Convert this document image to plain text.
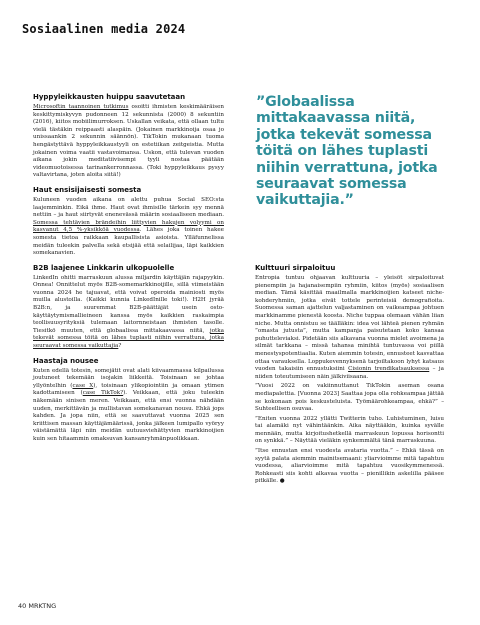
Sosiaalinen media 2024
Hyppyleikkausten huippu saavutetaan

Microsoftin taannoinen tutkimus osoitti ihmisten keskimääräisen keskittymiskyvyn pudonneen 12 sekunnista (2000) 8 sekuntiin (2016), kiitos mobiilimurroksen. Uskallan veikata, että ollaan tultu vielä tästäkin reippaasti alaspäin. (Jokainen markkinoija osaa jo unissaankin 2 sekunnin säännön). TikTokin mukanaan tuoma hengästyttävä hyppyleikkaustyyli on estetiikan zeitgeistia. Mutta jokainen voima vaatii vastavoimansa. Uskon, että tulevan vuoden aikana jokin meditatiivisempi tyyli nostaa päätään videomuotoisessa tarinankerronnassa. (Toki hyppyleikkaus pysyy valtavirtana, joten aloita siitä!)

Haut ensisijaisesti somesta

Kuluneen vuoden aikana on alettu puhua Social SEO:sta laajemminkin. Eikä ihme. Haut ovat ihmisille tärkein syy mennä nettiin – ja haut siirtyvät enenevässä määrin sosiaaliseen mediaan. Somessa tehtävien brändeihin liittyvien hakujen volyymi on kasvanut 4,5 %-yksikköä vuodessa. Lähes joka toinen hakee somesta tietoa raikkaan kaupallisista asioista. Ylläfunnelissa meidän tuleekin palvella sekä etsijää että selailijaa, läpi kaikkien somekanavien.

B2B laajenee Linkkarin ulkopuolelle

LinkedIn ohitti marraskuun alussa miljardin käyttäjän rajapyykin. Onnea! Onnittelut myös B2B-somemarkkinoijille, sillä viimeistään vuonna 2024 he tajuavat, että voivat operoida mainiosti myös muilla alustoilla. (Kaikki kunnia LinkedInille toki!). H2H jyrää B2B:n, ja suuremmat B2B-päättäjät usein osto-käyttäytymismallieineen kanssa myös kaikkien raskaimpia teollisuusyrityksiä tulemaan laitornneistaan ihmisten tasolle. Tiesitkö muuten, että globaalissa mittakaavassa niitä, jotka tekevät somessa töitä on lähes tuplasti niihin verrattuna, jotka seuraavat somessa vaikuttajia?

Haastaja nousee

Kuten edellä totesin, somejätit ovat alati kiivaammassa kilpailussa joutuneet tekemään isojakin liikkeitä. Toisinaan se johtaa yllyöntelhin (case X), toisinaan ylikopiointiin ja omaan ytimen kadottamiseen (case TikTok?). Veikkaan, että joku tuleekin näkemään sinisen meren. Veikkaan, että ensi vuonna nähdään uuden, merkittävän ja mullistavan somekanavan nousu. Ehkä jops kahden. Ja jopa niin, että se saavuttavat vuonna 2025 sen kriittisen massan käyttäjämäärissä, jonka jälkeen lumipallo vyöryy väistämättä läpi niin meidän uutuusviehättyvien markkinoijien kuin sen hitaammin omaksuvan kansanryhmänpuolikkaan.

”Globaalissa mittakaavassa niitä, jotka tekevät somessa töitä on lähes tuplasti niihin verrattuna, jotka seuraavat somessa vaikuttajia.”
Kulttuuri sirpaloituu

Entropia tuntuu ohjaavan kulttuuria – yleisöt sirpaloituvat pienempiin ja hajanaisempiin ryhmiin, kiitos (myös) sosiaalisen median. Tämä käsittää maailmalla markkinoijien katseet niche-kohderyhmiin, jotka eivät tottele perinteisiä demografioita. Suomessa saman ajattelun valjastaminen on vaikeampaa johtuen markkinamme pienestä koosta. Niche tuppaa olemaan vähän liian niche. Mutta onnistuu se täälläkin: idea voi lähteä pienen ryhmän ”omasta jutusta”, mutta kampanja paisutetaan koko kansaa puhutteleviaksi. Pidetään siis alkavana vuonna mielet avoimena ja silmät tarkkana – missä tahansa minihtä tuntuvassa voi piillä menestyspotentiaalia. Kuten aiemmin totesin, ennusteet kasvattaa ottaa varauksella. Loppukevennyksenä tarjoiltakoon lyhyt katsaus vuoden takaisiin ennustuksiini Cisionin trendikatsauksessa – ja niiden toteutumiseen näin jälkiviisaana.

”Vuosi 2022 on vakiinnuttanut TikTokin aseman osana mediapalettia. [Vuonna 2023] Saattaa jopa olla rohkeampaa jättää se kokonaan pois keskusteluista. Työmäärohkeampaa, ehkä?” – Suhteellisen osuvaa.

”Eniten vuonna 2022 yllätti Twitterin tuho. Luhistuminen, luisu tai alamäki nyt vähintäänkin. Aika näyttääkin, kuinka syvälle mennään, mutta kirjoitushetkellä marraskuun lopussa horisontti on synkkä.” – Näyttää vieläkin synkemmältä tänä marraskuuna.

”Itse ennustan ensi vuodesta avataria vuotta.” – Ehkä tässä on syytä palata aiemmin mainitsemaani: yliarvioimme mitä tapahtuu vuodessa, aliarvioimme mitä tapahtuu vuosikymmenessä. Rohkeasti siis kohti alkavaa vuotta – pienillikin askelilla pääsee pitkälle. ●

40 MRKTNG
